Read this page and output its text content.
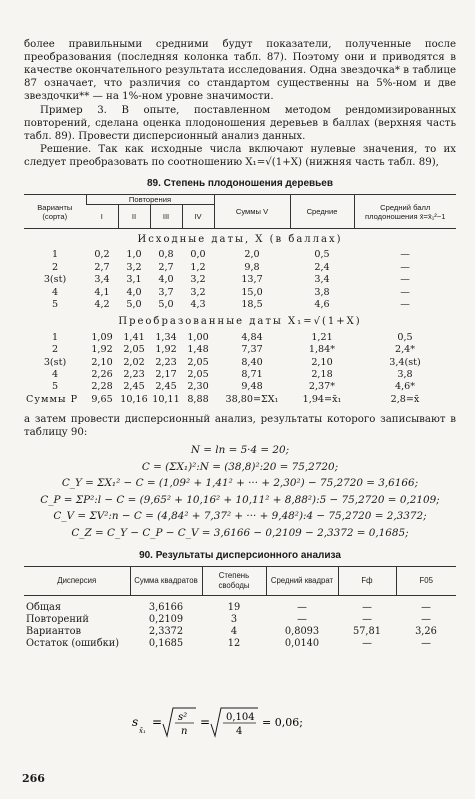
более правильными средними будут показатели, полученные после преобразования (последняя колонка табл. 87). Поэтому они и приводятся в качестве окончательного результата исследования. Одна звездочка* в таблице 87 означает, что различия со стандартом существенны на 5%-ном и две звездочки** — на 1%-ном уровне значимости.

Пример 3. В опыте, поставленном методом рендомизированных повторений, сделана оценка плодоношения деревьев в баллах (верхняя часть табл. 89). Провести дисперсионный анализ данных.

Решение. Так как исходные числа включают нулевые значения, то их следует преобразовать по соотношению X₁=√(1+X) (нижняя часть табл. 89),

89. Степень плодоношения деревьев
Варианты (сорта)	Повторения				Суммы V	Средние	Средний балл плодоношения x̄=x̄₁²−1
	I	II	III	IV			
Исходные даты, X (в баллах)							
1	0,2	1,0	0,8	0,0	2,0	0,5	—
2	2,7	3,2	2,7	1,2	9,8	2,4	—
3(st)	3,4	3,1	4,0	3,2	13,7	3,4	—
4	4,1	4,0	3,7	3,2	15,0	3,8	—
5	4,2	5,0	5,0	4,3	18,5	4,6	—
Преобразованные даты X₁=√(1+X)							
1	1,09	1,41	1,34	1,00	4,84	1,21	0,5
2	1,92	2,05	1,92	1,48	7,37	1,84*	2,4*
3(st)	2,10	2,02	2,23	2,05	8,40	2,10	3,4(st)
4	2,26	2,23	2,17	2,05	8,71	2,18	3,8
5	2,28	2,45	2,45	2,30	9,48	2,37*	4,6*
Суммы P	9,65	10,16	10,11	8,88	38,80=ΣX₁	1,94=x̄₁	2,8=x̄

а затем провести дисперсионный анализ, результаты которого записывают в таблицу 90:

N = ln = 5·4 = 20;
C = (ΣX₁)²:N = (38,8)²:20 = 75,2720;
C_Y = ΣX₁² − C = (1,09² + 1,41² + ··· + 2,30²) − 75,2720 = 3,6166;
C_P = ΣP²:l − C = (9,65² + 10,16² + 10,11² + 8,88²):5 − 75,2720 = 0,2109;
C_V = ΣV²:n − C = (4,84² + 7,37² + ··· + 9,48²):4 − 75,2720 = 2,3372;
C_Z = C_Y − C_P − C_V = 3,6166 − 0,2109 − 2,3372 = 0,1685;
90. Результаты дисперсионного анализа
Дисперсия	Сумма квадратов	Степень свободы	Средний квадрат	Fф	F05

Общая	3,6166	19	—	—	—
Повторений	0,2109	3	—	—	—
Вариантов	2,3372	4	0,8093	57,81	3,26
Остаток (ошибки)	0,1685	12	0,0140	—	—
s
x̄₁
= s²
n
= 0,104
4
= 0,06;
266
